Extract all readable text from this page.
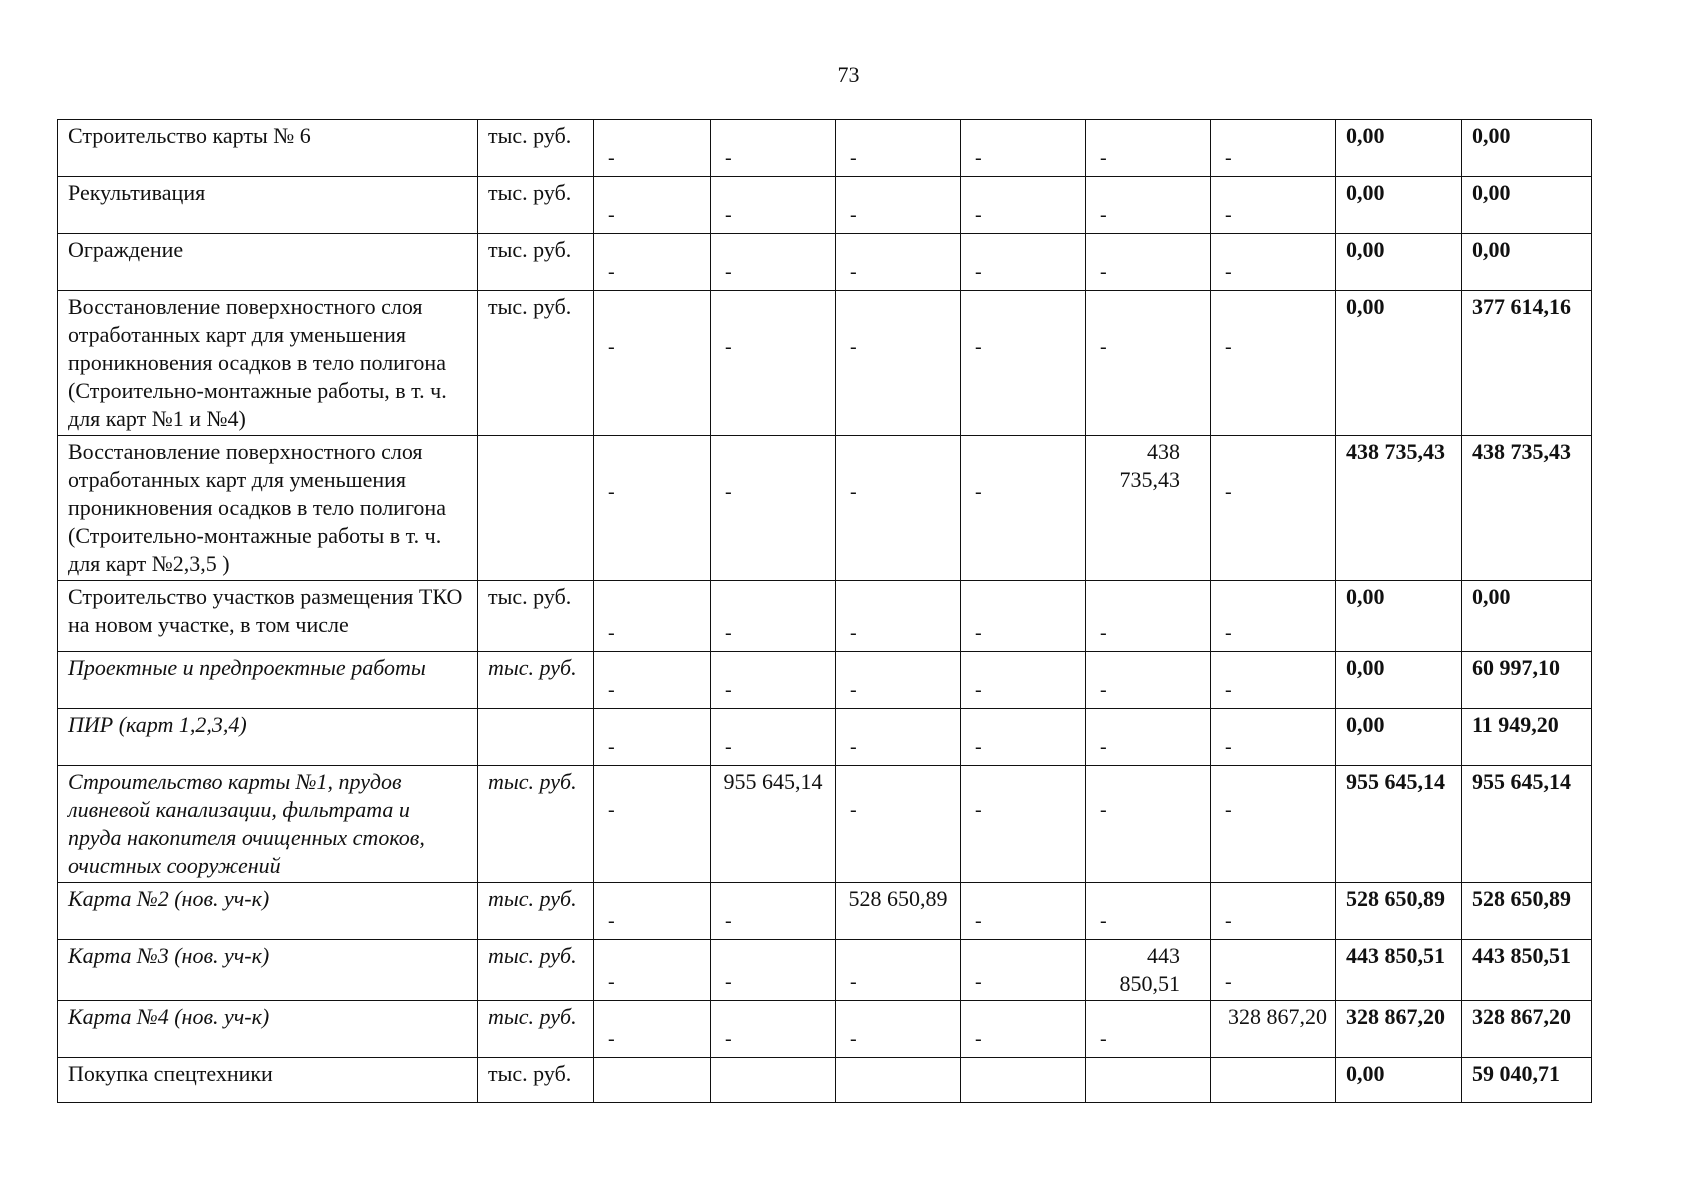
73
Строительство карты № 6	тыс. руб.	-	-	-	-	-	-	0,00	0,00
Рекультивация	тыс. руб.	-	-	-	-	-	-	0,00	0,00
Ограждение	тыс. руб.	-	-	-	-	-	-	0,00	0,00
Восстановление поверхностного слоя отработанных карт для уменьшения проникновения осадков в тело полигона (Строительно-монтажные работы, в т. ч. для карт №1 и №4)	тыс. руб.	-	-	-	-	-	-	0,00	377 614,16
Восстановление поверхностного слоя отработанных карт для уменьшения проникновения осадков в тело полигона (Строительно-монтажные работы в т. ч. для карт №2,3,5 )		-	-	-	-	438 735,43	-	438 735,43	438 735,43
Строительство участков размещения ТКО на новом участке, в том числе	тыс. руб.	-	-	-	-	-	-	0,00	0,00
Проектные и предпроектные работы	тыс. руб.	-	-	-	-	-	-	0,00	60 997,10
ПИР (карт 1,2,3,4)		-	-	-	-	-	-	0,00	11 949,20
Строительство карты №1, прудов ливневой канализации, фильтрата и пруда накопителя очищенных стоков, очистных сооружений	тыс. руб.	-	955 645,14	-	-	-	-	955 645,14	955 645,14
Карта №2 (нов. уч-к)	тыс. руб.	-	-	528 650,89	-	-	-	528 650,89	528 650,89
Карта №3 (нов. уч-к)	тыс. руб.	-	-	-	-	443 850,51	-	443 850,51	443 850,51
Карта №4 (нов. уч-к)	тыс. руб.	-	-	-	-	-	328 867,20	328 867,20	328 867,20
Покупка спецтехники	тыс. руб.							0,00	59 040,71
